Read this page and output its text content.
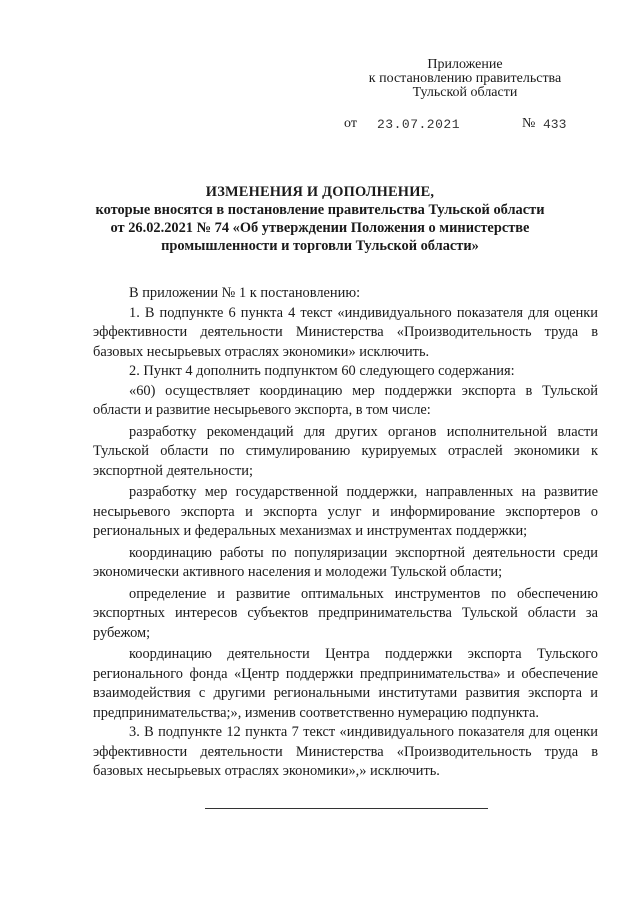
Приложение
к постановлению правительства
Тульской области
от 23.07.2021	№ 433
ИЗМЕНЕНИЯ И ДОПОЛНЕНИЕ,
которые вносятся в постановление правительства Тульской области
от 26.02.2021 № 74 «Об утверждении Положения о министерстве
промышленности и торговли Тульской области»

В приложении № 1 к постановлению:

1. В подпункте 6 пункта 4 текст «индивидуального показателя для оценки эффективности деятельности Министерства «Производительность труда в базовых несырьевых отраслях экономики» исключить.

2. Пункт 4 дополнить подпунктом 60 следующего содержания:

«60) осуществляет координацию мер поддержки экспорта в Тульской области и развитие несырьевого экспорта, в том числе:

разработку рекомендаций для других органов исполнительной власти Тульской области по стимулированию курируемых отраслей экономики к экспортной деятельности;

разработку мер государственной поддержки, направленных на развитие несырьевого экспорта и экспорта услуг и информирование экспортеров о региональных и федеральных механизмах и инструментах поддержки;

координацию работы по популяризации экспортной деятельности среди экономически активного населения и молодежи Тульской области;

определение и развитие оптимальных инструментов по обеспечению экспортных интересов субъектов предпринимательства Тульской области за рубежом;

координацию деятельности Центра поддержки экспорта Тульского регионального фонда «Центр поддержки предпринимательства» и обеспечение взаимодействия с другими региональными институтами развития экспорта и предпринимательства;», изменив соответственно нумерацию подпункта.

3. В подпункте 12 пункта 7 текст «индивидуального показателя для оценки эффективности деятельности Министерства «Производительность труда в базовых несырьевых отраслях экономики»,» исключить.
